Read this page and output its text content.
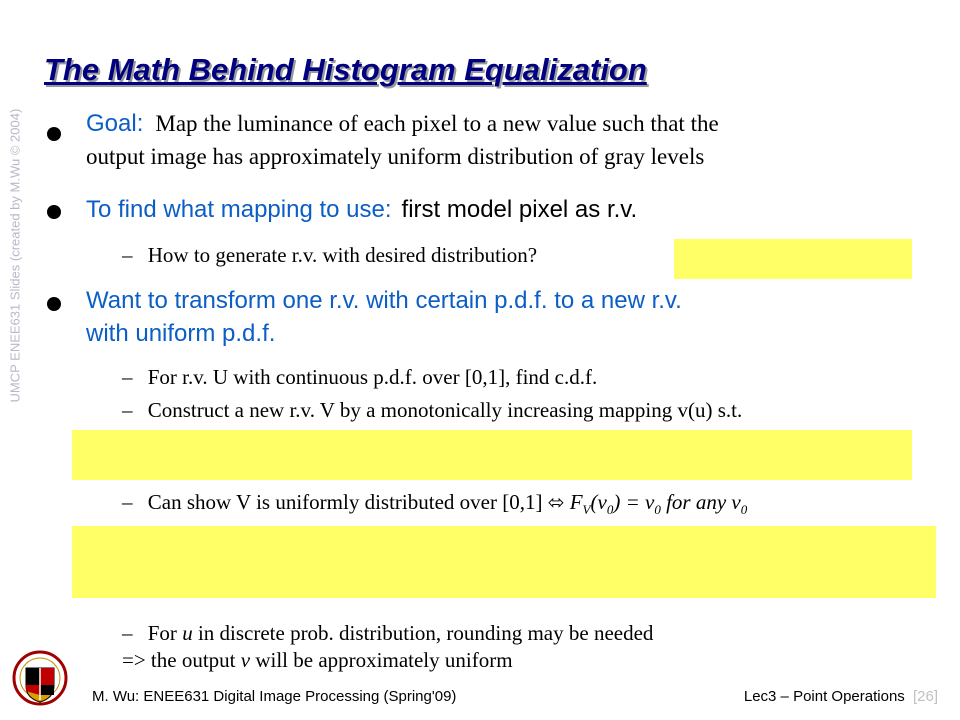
The Math Behind Histogram Equalization
UMCP ENEE631 Slides (created by M.Wu © 2004)	Goal: Map the luminance of each pixel to a new value such that the
output image has approximately uniform distribution of gray levels
To find what mapping to use: first model pixel as r.v.
– How to generate r.v. with desired distribution?
Want to transform one r.v. with certain p.d.f. to a new r.v.
with uniform p.d.f.
– For r.v. U with continuous p.d.f. over [0,1], find c.d.f.
– Construct a new r.v. V by a monotonically increasing mapping v(u) s.t.
– Can show V is uniformly distributed over [0,1] ⬄ $F_V(v_0) = v_0$ for any $v_0$
– For u in discrete prob. distribution, rounding may be needed
=> the output v will be approximately uniform
M. Wu: ENEE631 Digital Image Processing (Spring'09)	Lec3 – Point Operations [26]
